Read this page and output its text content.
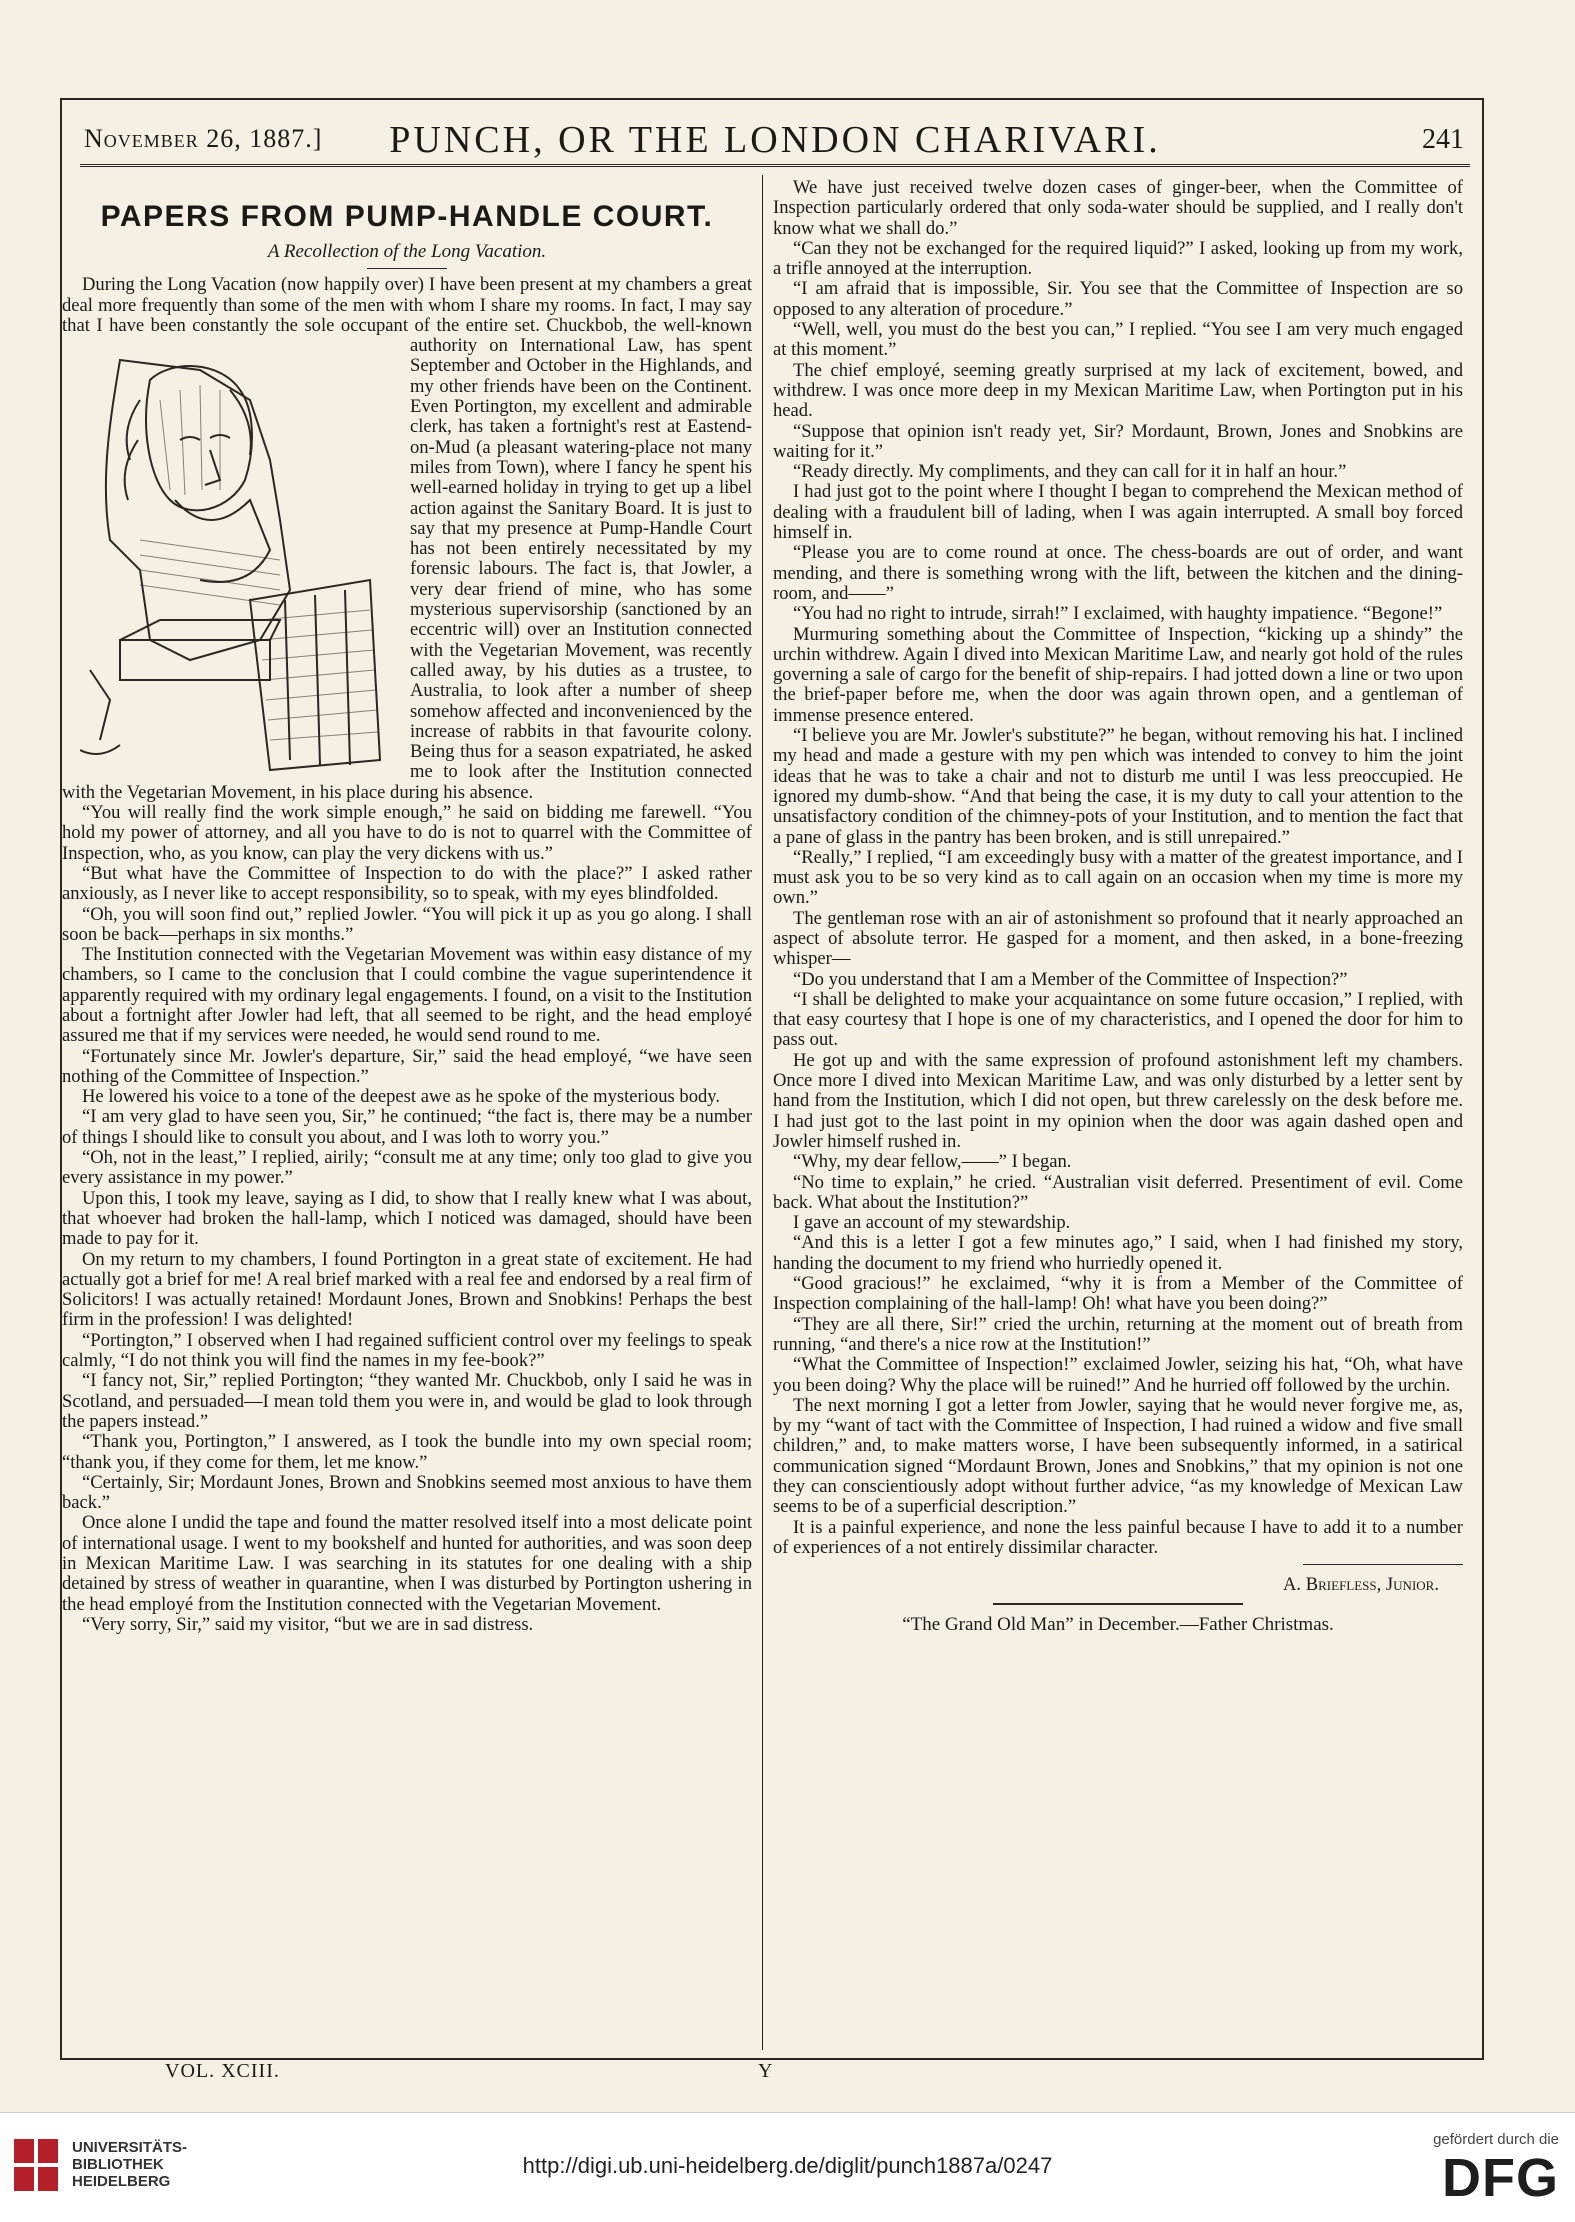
November 26, 1887.]	PUNCH, OR THE LONDON CHARIVARI.	241
PAPERS FROM PUMP-HANDLE COURT.
A Recollection of the Long Vacation.

During the Long Vacation (now happily over) I have been present at my chambers a great deal more frequently than some of the men with whom I share my rooms. In fact, I may say that I have been constantly the sole occupant of the entire set.
Chuckbob, the well-known authority on International Law, has spent September and October in the Highlands, and my other friends have been on the Continent. Even Portington, my excellent and admirable clerk, has taken a fortnight's rest at Eastend-on-Mud (a pleasant watering-place not many miles from Town), where I fancy he spent his well-earned holiday in trying to get up a libel action against the Sanitary Board. It is just to say that my presence at Pump-Handle Court has not been entirely necessitated by my forensic labours. The fact is, that Jowler, a very dear friend of mine, who has some mysterious supervisorship (sanctioned by an eccentric will) over an Institution connected with the Vegetarian Movement, was recently called away, by his duties as a trustee, to Australia, to look after a number of sheep somehow affected and inconvenienced by the increase of rabbits in that favourite colony. Being thus for a season expatriated, he asked me to look after the Institution connected with the Vegetarian Movement, in his place during his absence.

“You will really find the work simple enough,” he said on bidding me farewell. “You hold my power of attorney, and all you have to do is not to quarrel with the Committee of Inspection, who, as you know, can play the very dickens with us.”

“But what have the Committee of Inspection to do with the place?” I asked rather anxiously, as I never like to accept responsibility, so to speak, with my eyes blindfolded.

“Oh, you will soon find out,” replied Jowler. “You will pick it up as you go along. I shall soon be back—perhaps in six months.”

The Institution connected with the Vegetarian Movement was within easy distance of my chambers, so I came to the conclusion that I could combine the vague superintendence it apparently required with my ordinary legal engagements. I found, on a visit to the Institution about a fortnight after Jowler had left, that all seemed to be right, and the head employé assured me that if my services were needed, he would send round to me.

“Fortunately since Mr. Jowler's departure, Sir,” said the head employé, “we have seen nothing of the Committee of Inspection.”

He lowered his voice to a tone of the deepest awe as he spoke of the mysterious body.

“I am very glad to have seen you, Sir,” he continued; “the fact is, there may be a number of things I should like to consult you about, and I was loth to worry you.”

“Oh, not in the least,” I replied, airily; “consult me at any time; only too glad to give you every assistance in my power.”

Upon this, I took my leave, saying as I did, to show that I really knew what I was about, that whoever had broken the hall-lamp, which I noticed was damaged, should have been made to pay for it.

On my return to my chambers, I found Portington in a great state of excitement. He had actually got a brief for me! A real brief marked with a real fee and endorsed by a real firm of Solicitors! I was actually retained! Mordaunt Jones, Brown and Snobkins! Perhaps the best firm in the profession! I was delighted!

“Portington,” I observed when I had regained sufficient control over my feelings to speak calmly, “I do not think you will find the names in my fee-book?”

“I fancy not, Sir,” replied Portington; “they wanted Mr. Chuckbob, only I said he was in Scotland, and persuaded—I mean told them you were in, and would be glad to look through the papers instead.”

“Thank you, Portington,” I answered, as I took the bundle into my own special room; “thank you, if they come for them, let me know.”

“Certainly, Sir; Mordaunt Jones, Brown and Snobkins seemed most anxious to have them back.”

Once alone I undid the tape and found the matter resolved itself into a most delicate point of international usage. I went to my bookshelf and hunted for authorities, and was soon deep in Mexican Maritime Law. I was searching in its statutes for one dealing with a ship detained by stress of weather in quarantine, when I was disturbed by Portington ushering in the head employé from the Institution connected with the Vegetarian Movement.

“Very sorry, Sir,” said my visitor, “but we are in sad distress.

We have just received twelve dozen cases of ginger-beer, when the Committee of Inspection particularly ordered that only soda-water should be supplied, and I really don't know what we shall do.”

“Can they not be exchanged for the required liquid?” I asked, looking up from my work, a trifle annoyed at the interruption.

“I am afraid that is impossible, Sir. You see that the Committee of Inspection are so opposed to any alteration of procedure.”

“Well, well, you must do the best you can,” I replied. “You see I am very much engaged at this moment.”

The chief employé, seeming greatly surprised at my lack of excitement, bowed, and withdrew. I was once more deep in my Mexican Maritime Law, when Portington put in his head.

“Suppose that opinion isn't ready yet, Sir? Mordaunt, Brown, Jones and Snobkins are waiting for it.”

“Ready directly. My compliments, and they can call for it in half an hour.”

I had just got to the point where I thought I began to comprehend the Mexican method of dealing with a fraudulent bill of lading, when I was again interrupted. A small boy forced himself in.

“Please you are to come round at once. The chess-boards are out of order, and want mending, and there is something wrong with the lift, between the kitchen and the dining-room, and——”

“You had no right to intrude, sirrah!” I exclaimed, with haughty impatience. “Begone!”

Murmuring something about the Committee of Inspection, “kicking up a shindy” the urchin withdrew. Again I dived into Mexican Maritime Law, and nearly got hold of the rules governing a sale of cargo for the benefit of ship-repairs. I had jotted down a line or two upon the brief-paper before me, when the door was again thrown open, and a gentleman of immense presence entered.

“I believe you are Mr. Jowler's substitute?” he began, without removing his hat. I inclined my head and made a gesture with my pen which was intended to convey to him the joint ideas that he was to take a chair and not to disturb me until I was less preoccupied. He ignored my dumb-show. “And that being the case, it is my duty to call your attention to the unsatisfactory condition of the chimney-pots of your Institution, and to mention the fact that a pane of glass in the pantry has been broken, and is still unrepaired.”

“Really,” I replied, “I am exceedingly busy with a matter of the greatest importance, and I must ask you to be so very kind as to call again on an occasion when my time is more my own.”

The gentleman rose with an air of astonishment so profound that it nearly approached an aspect of absolute terror. He gasped for a moment, and then asked, in a bone-freezing whisper—

“Do you understand that I am a Member of the Committee of Inspection?”

“I shall be delighted to make your acquaintance on some future occasion,” I replied, with that easy courtesy that I hope is one of my characteristics, and I opened the door for him to pass out.

He got up and with the same expression of profound astonishment left my chambers. Once more I dived into Mexican Maritime Law, and was only disturbed by a letter sent by hand from the Institution, which I did not open, but threw carelessly on the desk before me. I had just got to the last point in my opinion when the door was again dashed open and Jowler himself rushed in.

“Why, my dear fellow,——” I began.

“No time to explain,” he cried. “Australian visit deferred. Presentiment of evil. Come back. What about the Institution?”

I gave an account of my stewardship.

“And this is a letter I got a few minutes ago,” I said, when I had finished my story, handing the document to my friend who hurriedly opened it.

“Good gracious!” he exclaimed, “why it is from a Member of the Committee of Inspection complaining of the hall-lamp! Oh! what have you been doing?”

“They are all there, Sir!” cried the urchin, returning at the moment out of breath from running, “and there's a nice row at the Institution!”

“What the Committee of Inspection!” exclaimed Jowler, seizing his hat, “Oh, what have you been doing? Why the place will be ruined!” And he hurried off followed by the urchin.

The next morning I got a letter from Jowler, saying that he would never forgive me, as, by my “want of tact with the Committee of Inspection, I had ruined a widow and five small children,” and, to make matters worse, I have been subsequently informed, in a satirical communication signed “Mordaunt Brown, Jones and Snobkins,” that my opinion is not one they can conscientiously adopt without further advice, “as my knowledge of Mexican Law seems to be of a superficial description.”

It is a painful experience, and none the less painful because I have to add it to a number of experiences of a not entirely dissimilar character.

A. Briefless, Junior.

“The Grand Old Man” in December.—Father Christmas.

VOL. XCIII.	Y
UNIVERSITÄTS-
BIBLIOTHEK
HEIDELBERG
http://digi.ub.uni-heidelberg.de/diglit/punch1887a/0247
gefördert durch die
DFG
